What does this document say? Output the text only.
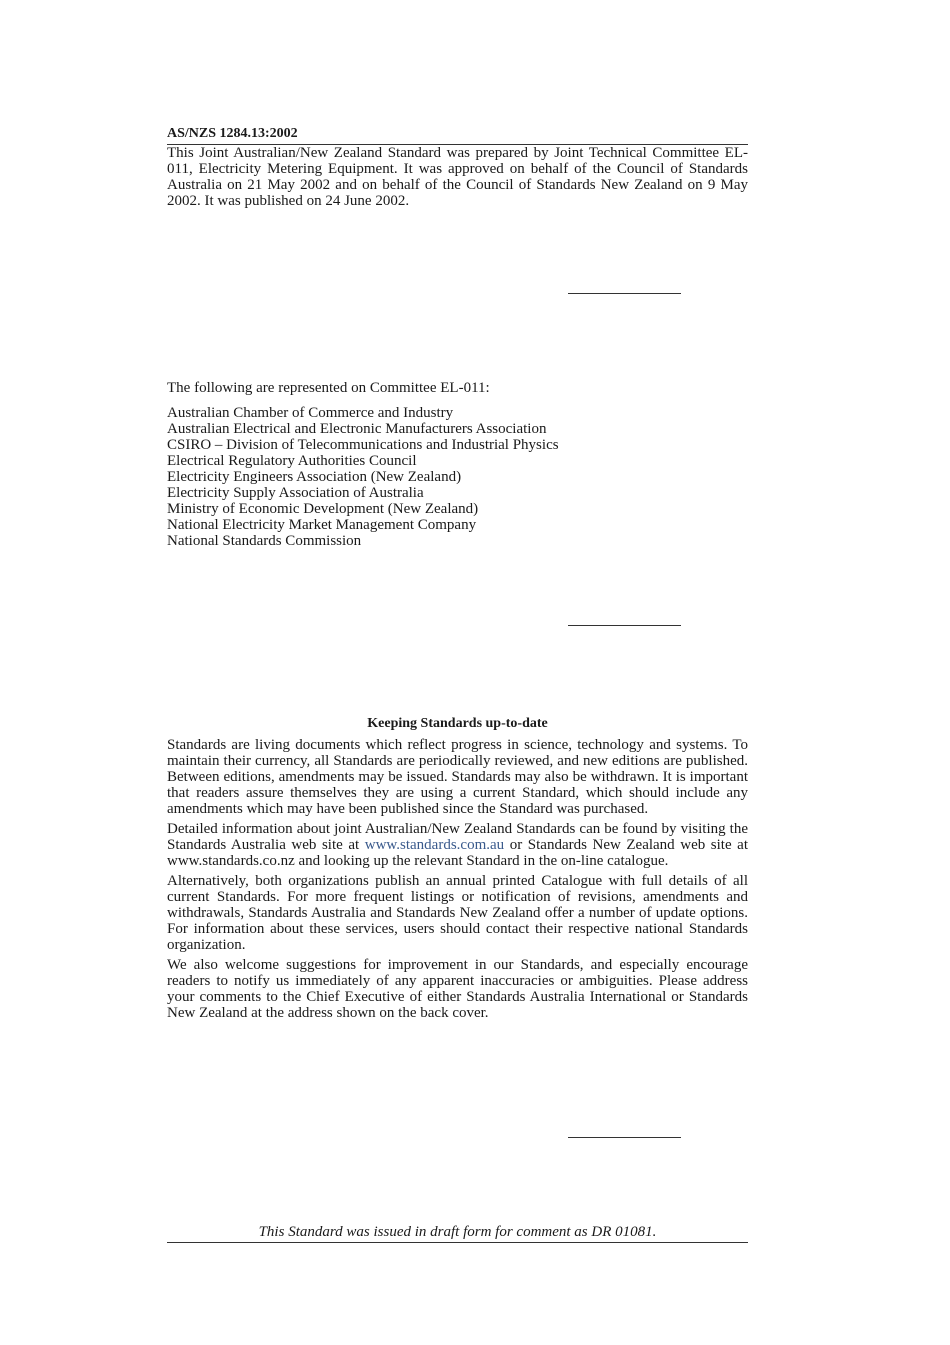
AS/NZS 1284.13:2002

This Joint Australian/New Zealand Standard was prepared by Joint Technical Committee EL-011, Electricity Metering Equipment. It was approved on behalf of the Council of Standards Australia on 21 May 2002 and on behalf of the Council of Standards New Zealand on 9 May 2002. It was published on 24 June 2002.

The following are represented on Committee EL-011:

Australian Chamber of Commerce and Industry
Australian Electrical and Electronic Manufacturers Association
CSIRO – Division of Telecommunications and Industrial Physics
Electrical Regulatory Authorities Council
Electricity Engineers Association (New Zealand)
Electricity Supply Association of Australia
Ministry of Economic Development (New Zealand)
National Electricity Market Management Company
National Standards Commission
Keeping Standards up-to-date

Standards are living documents which reflect progress in science, technology and systems. To maintain their currency, all Standards are periodically reviewed, and new editions are published. Between editions, amendments may be issued. Standards may also be withdrawn. It is important that readers assure themselves they are using a current Standard, which should include any amendments which may have been published since the Standard was purchased.

Detailed information about joint Australian/New Zealand Standards can be found by visiting the Standards Australia web site at www.standards.com.au or Standards New Zealand web site at www.standards.co.nz and looking up the relevant Standard in the on-line catalogue.

Alternatively, both organizations publish an annual printed Catalogue with full details of all current Standards. For more frequent listings or notification of revisions, amendments and withdrawals, Standards Australia and Standards New Zealand offer a number of update options. For information about these services, users should contact their respective national Standards organization.

We also welcome suggestions for improvement in our Standards, and especially encourage readers to notify us immediately of any apparent inaccuracies or ambiguities. Please address your comments to the Chief Executive of either Standards Australia International or Standards New Zealand at the address shown on the back cover.

This Standard was issued in draft form for comment as DR 01081.
